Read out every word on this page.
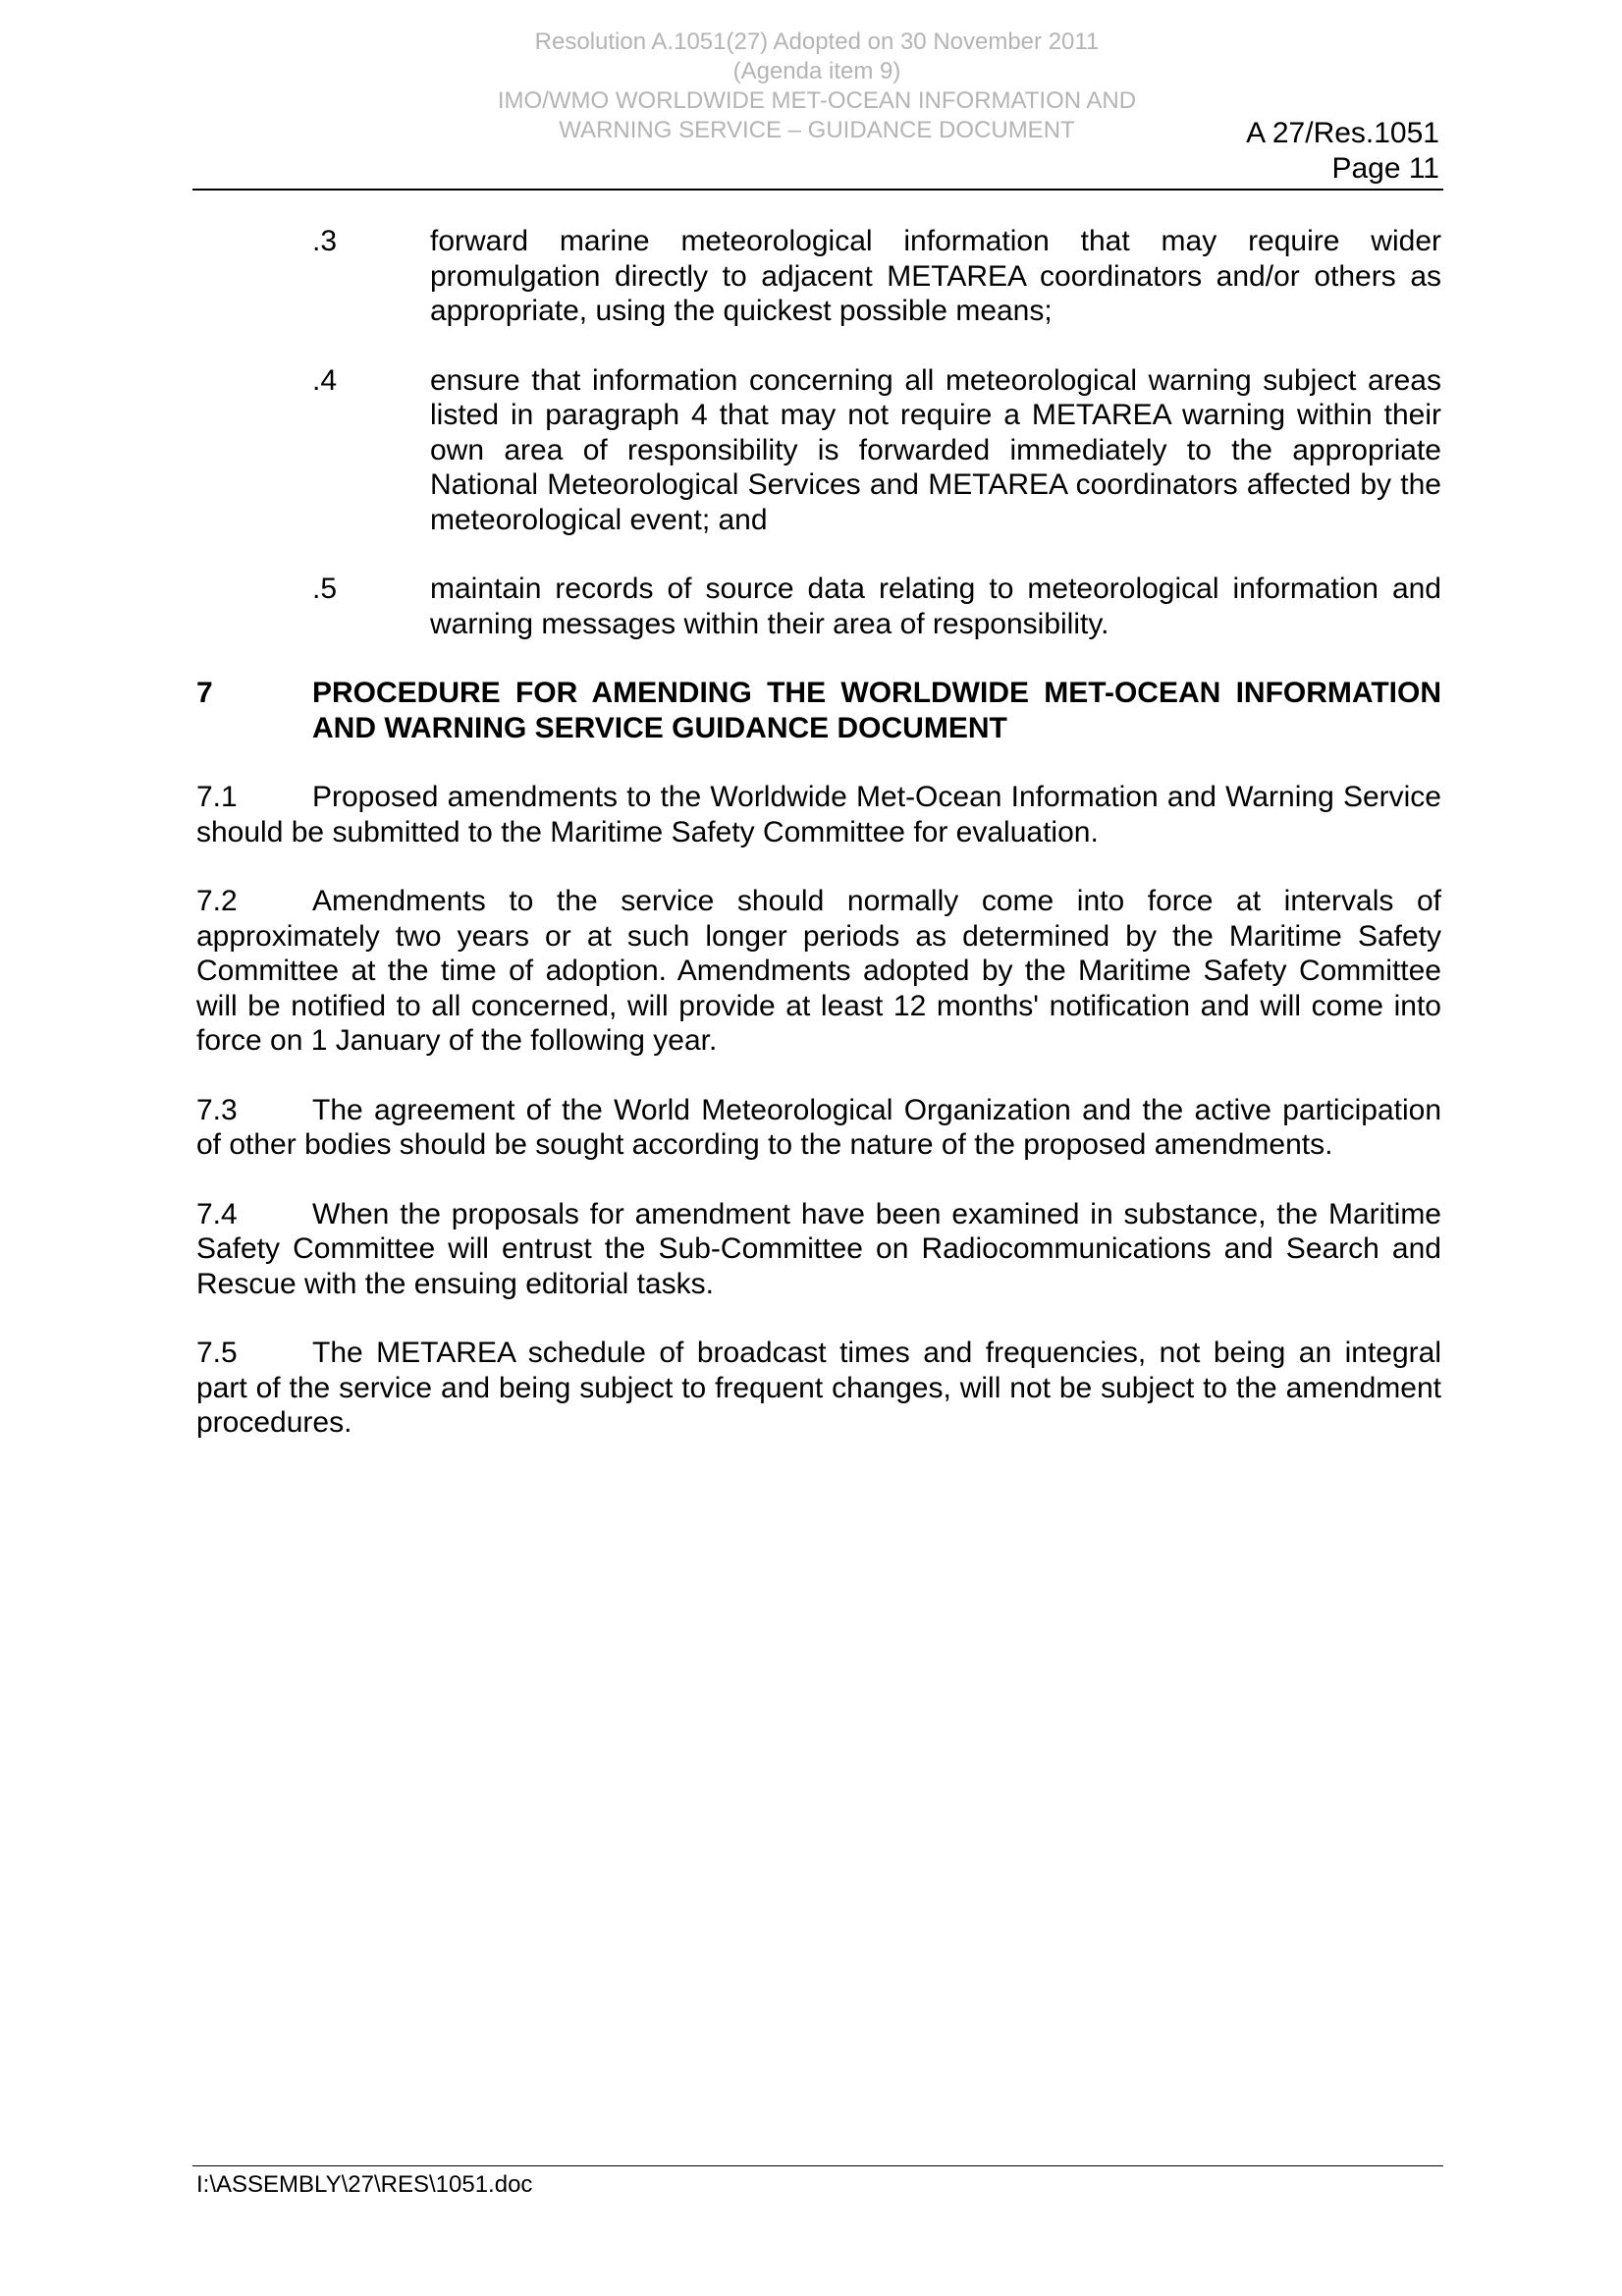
Resolution A.1051(27) Adopted on 30 November 2011
(Agenda item 9)
IMO/WMO WORLDWIDE MET-OCEAN INFORMATION AND
WARNING SERVICE – GUIDANCE DOCUMENT	A 27/Res.1051
Page 11
.3	forward marine meteorological information that may require wider promulgation directly to adjacent METAREA coordinators and/or others as appropriate, using the quickest possible means;
.4	ensure that information concerning all meteorological warning subject areas listed in paragraph 4 that may not require a METAREA warning within their own area of responsibility is forwarded immediately to the appropriate National Meteorological Services and METAREA coordinators affected by the meteorological event; and
.5	maintain records of source data relating to meteorological information and warning messages within their area of responsibility.
7	PROCEDURE FOR AMENDING THE WORLDWIDE MET-OCEAN INFORMATION AND WARNING SERVICE GUIDANCE DOCUMENT
7.1	Proposed amendments to the Worldwide Met-Ocean Information and Warning Service should be submitted to the Maritime Safety Committee for evaluation.
7.2	Amendments to the service should normally come into force at intervals of approximately two years or at such longer periods as determined by the Maritime Safety Committee at the time of adoption. Amendments adopted by the Maritime Safety Committee will be notified to all concerned, will provide at least 12 months' notification and will come into force on 1 January of the following year.
7.3	The agreement of the World Meteorological Organization and the active participation of other bodies should be sought according to the nature of the proposed amendments.
7.4	When the proposals for amendment have been examined in substance, the Maritime Safety Committee will entrust the Sub-Committee on Radiocommunications and Search and Rescue with the ensuing editorial tasks.
7.5	The METAREA schedule of broadcast times and frequencies, not being an integral part of the service and being subject to frequent changes, will not be subject to the amendment procedures.
I:\ASSEMBLY\27\RES\1051.doc
